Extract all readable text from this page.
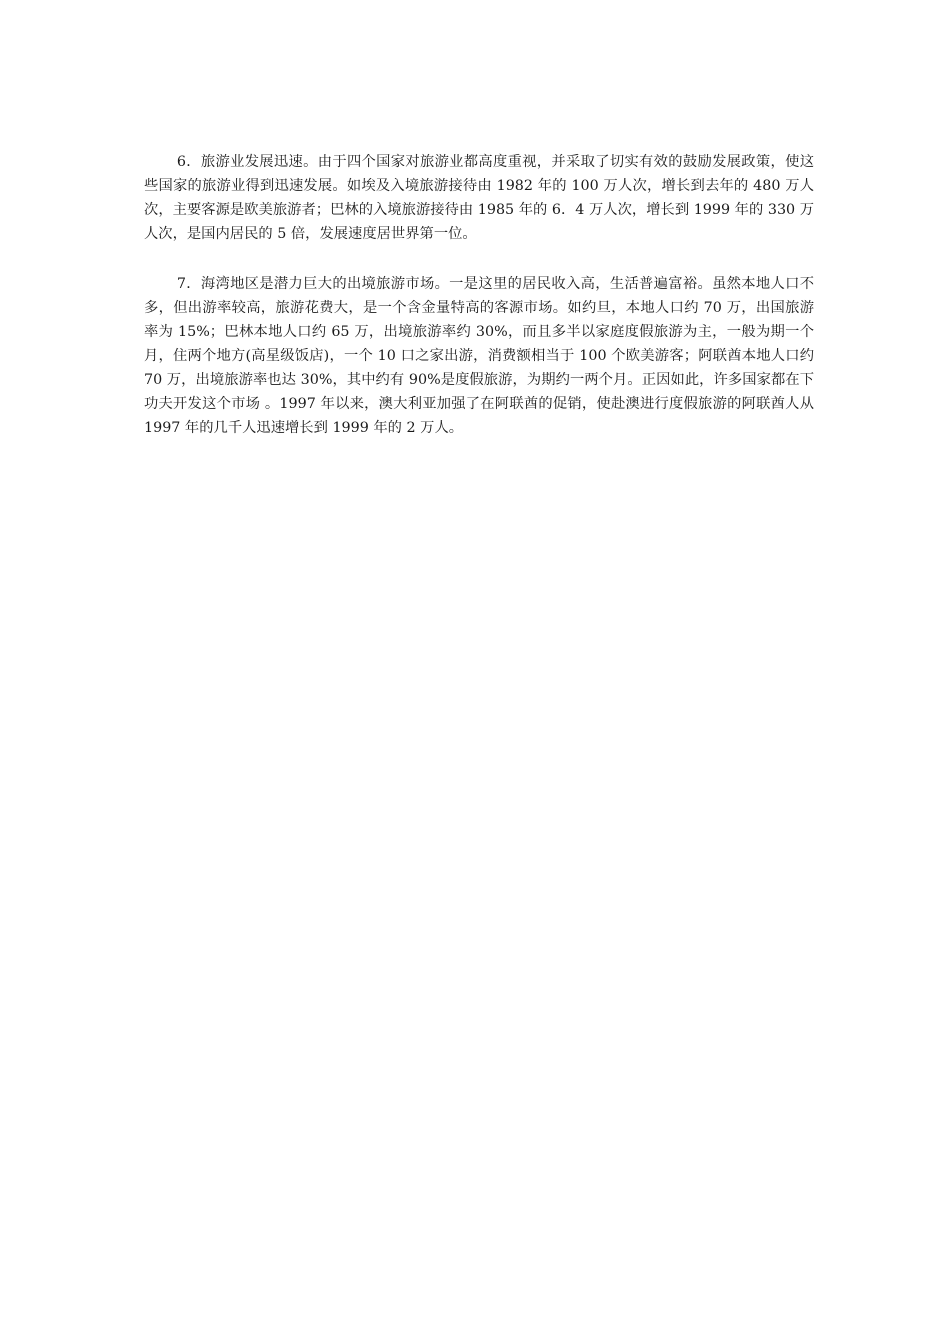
6．旅游业发展迅速。由于四个国家对旅游业都高度重视，并采取了切实有效的鼓励发展政策，使这些国家的旅游业得到迅速发展。如埃及入境旅游接待由 1982 年的 100 万人次，增长到去年的 480 万人次，主要客源是欧美旅游者；巴林的入境旅游接待由 1985 年的 6．4 万人次，增长到 1999 年的 330 万人次，是国内居民的 5 倍，发展速度居世界第一位。

7．海湾地区是潜力巨大的出境旅游市场。一是这里的居民收入高，生活普遍富裕。虽然本地人口不多，但出游率较高，旅游花费大，是一个含金量特高的客源市场。如约旦，本地人口约 70 万，出国旅游率为 15%；巴林本地人口约 65 万，出境旅游率约 30%，而且多半以家庭度假旅游为主，一般为期一个月，住两个地方(高星级饭店)，一个 10 口之家出游，消费额相当于 100 个欧美游客；阿联酋本地人口约 70 万，出境旅游率也达 30%，其中约有 90%是度假旅游，为期约一两个月。正因如此，许多国家都在下功夫开发这个市场 。1997 年以来，澳大利亚加强了在阿联酋的促销，使赴澳进行度假旅游的阿联酋人从 1997 年的几千人迅速增长到 1999 年的 2 万人。
